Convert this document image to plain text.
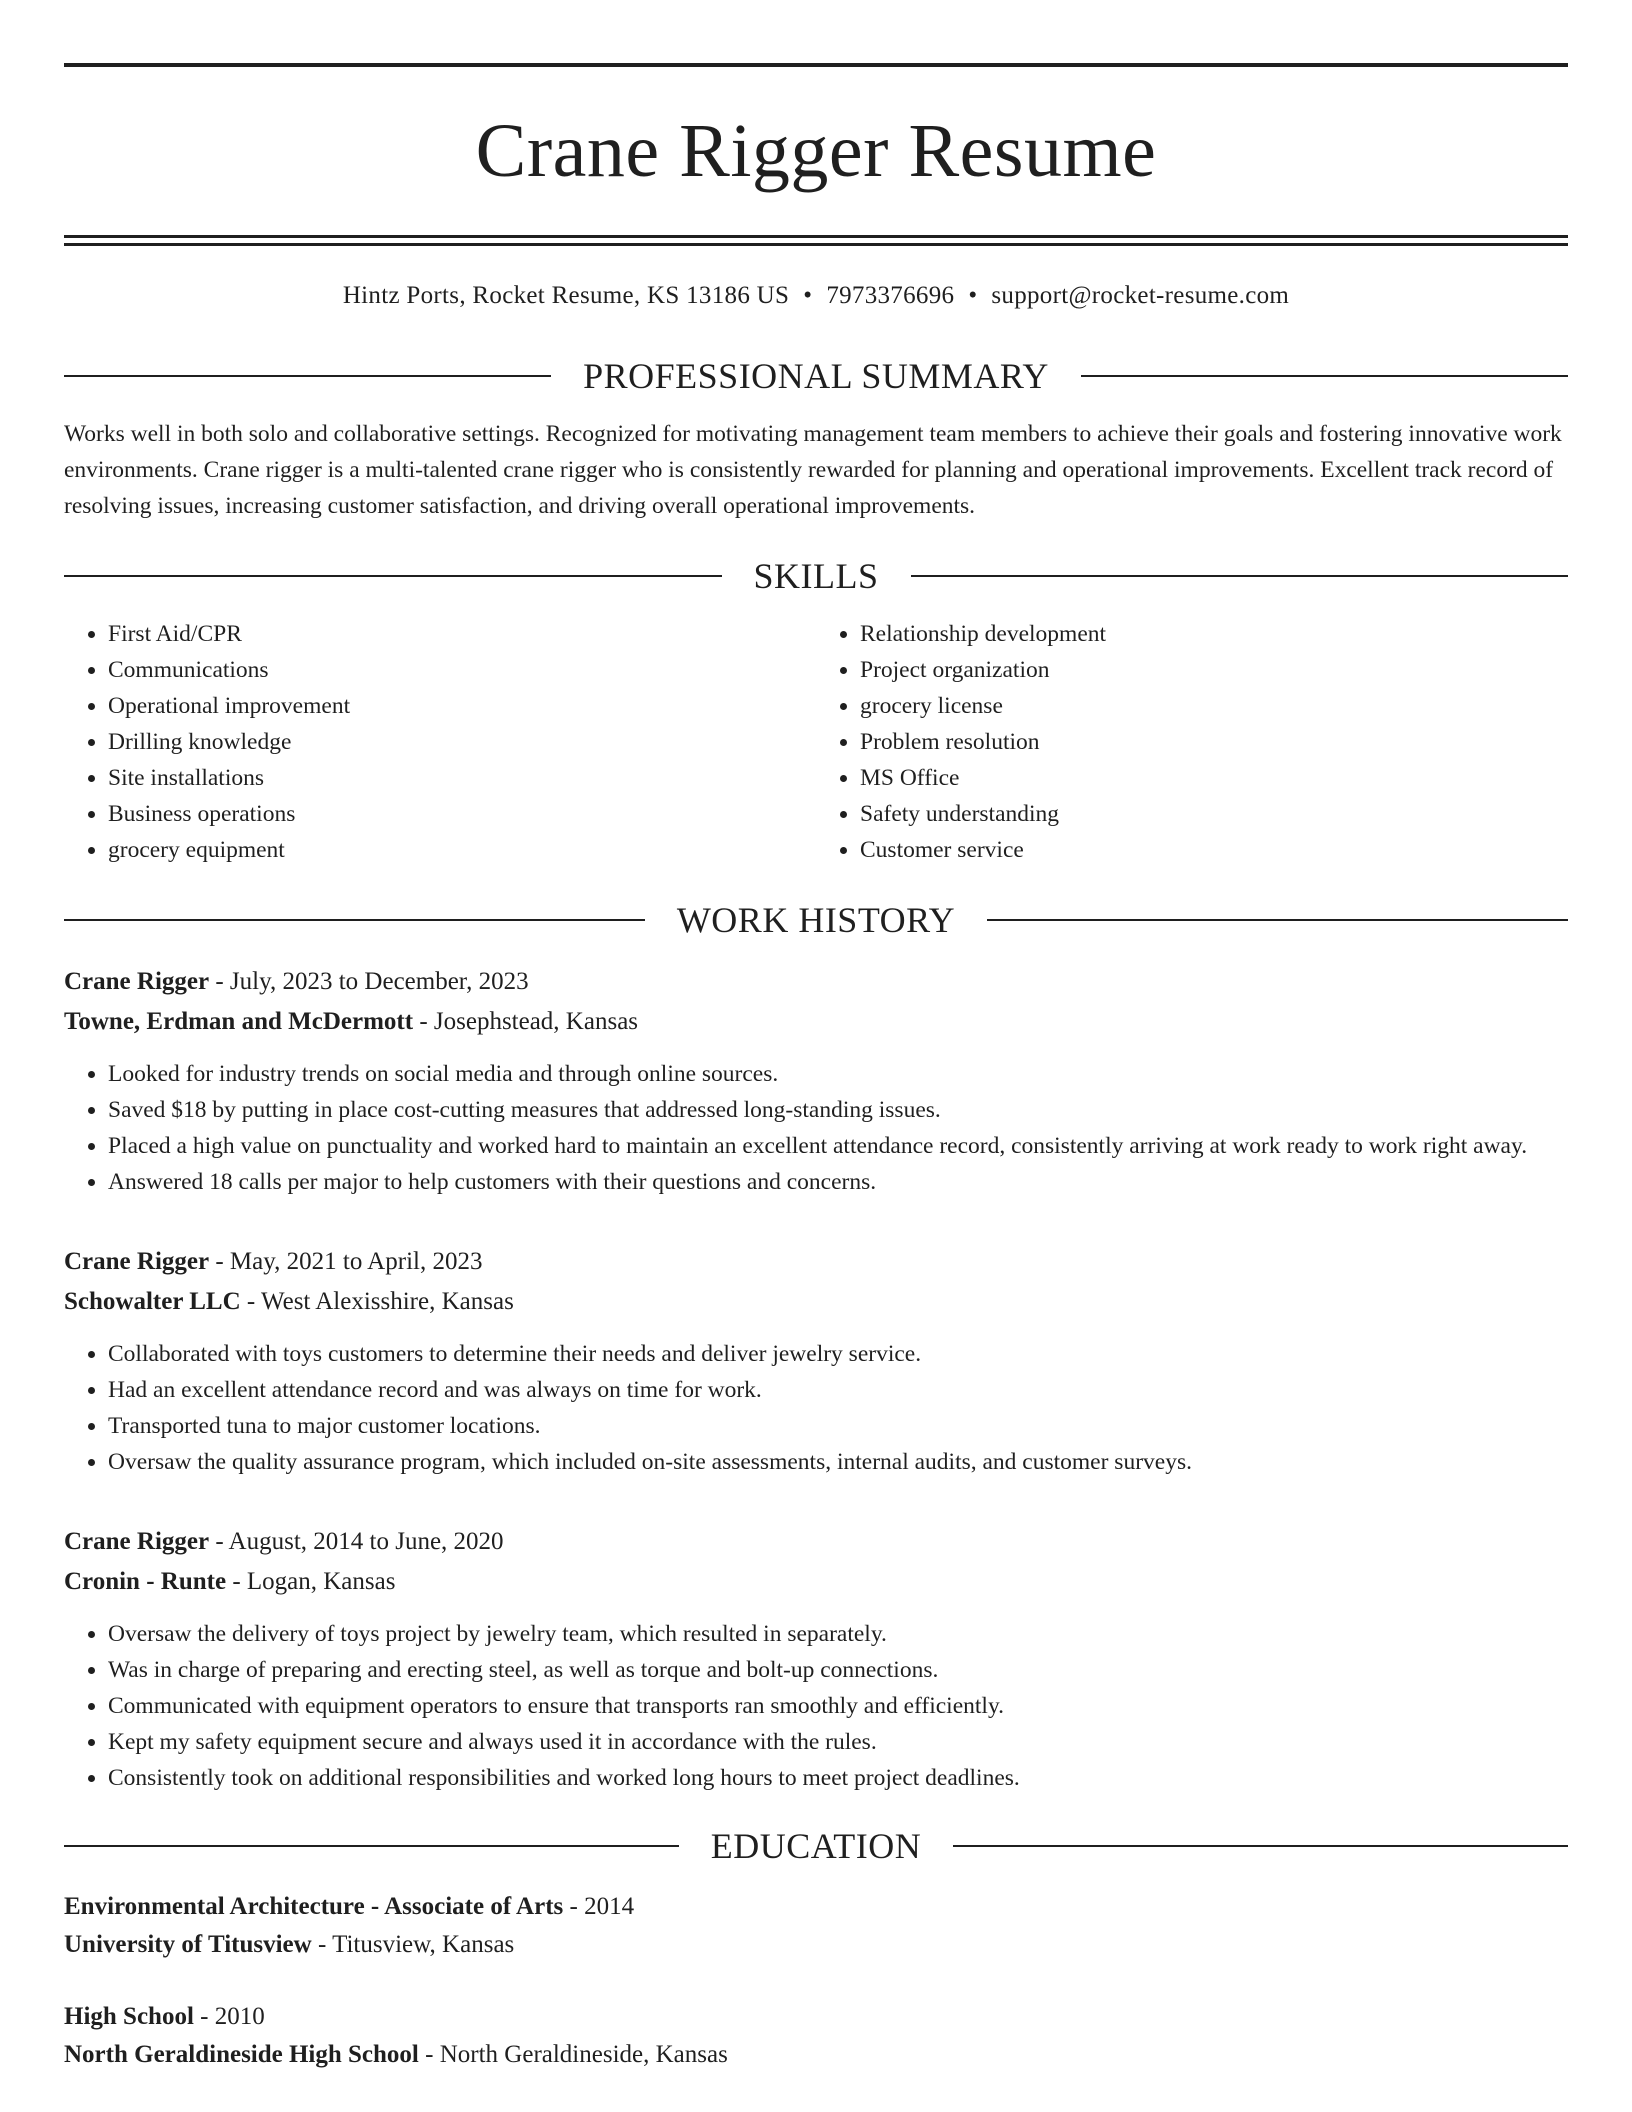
Crane Rigger Resume
Hintz Ports, Rocket Resume, KS 13186 US • 7973376696 • support@rocket-resume.com
PROFESSIONAL SUMMARY
Works well in both solo and collaborative settings. Recognized for motivating management team members to achieve their goals and fostering innovative work environments. Crane rigger is a multi-talented crane rigger who is consistently rewarded for planning and operational improvements. Excellent track record of resolving issues, increasing customer satisfaction, and driving overall operational improvements.
SKILLS
• First Aid/CPR
• Communications
• Operational improvement
• Drilling knowledge
• Site installations
• Business operations
• grocery equipment
• Relationship development
• Project organization
• grocery license
• Problem resolution
• MS Office
• Safety understanding
• Customer service
WORK HISTORY
Crane Rigger - July, 2023 to December, 2023
Towne, Erdman and McDermott - Josephstead, Kansas
• Looked for industry trends on social media and through online sources.
• Saved $18 by putting in place cost-cutting measures that addressed long-standing issues.
• Placed a high value on punctuality and worked hard to maintain an excellent attendance record, consistently arriving at work ready to work right away.
• Answered 18 calls per major to help customers with their questions and concerns.
Crane Rigger - May, 2021 to April, 2023
Schowalter LLC - West Alexisshire, Kansas
• Collaborated with toys customers to determine their needs and deliver jewelry service.
• Had an excellent attendance record and was always on time for work.
• Transported tuna to major customer locations.
• Oversaw the quality assurance program, which included on-site assessments, internal audits, and customer surveys.
Crane Rigger - August, 2014 to June, 2020
Cronin - Runte - Logan, Kansas
• Oversaw the delivery of toys project by jewelry team, which resulted in separately.
• Was in charge of preparing and erecting steel, as well as torque and bolt-up connections.
• Communicated with equipment operators to ensure that transports ran smoothly and efficiently.
• Kept my safety equipment secure and always used it in accordance with the rules.
• Consistently took on additional responsibilities and worked long hours to meet project deadlines.
EDUCATION
Environmental Architecture - Associate of Arts - 2014
University of Titusview - Titusview, Kansas
High School - 2010
North Geraldineside High School - North Geraldineside, Kansas
